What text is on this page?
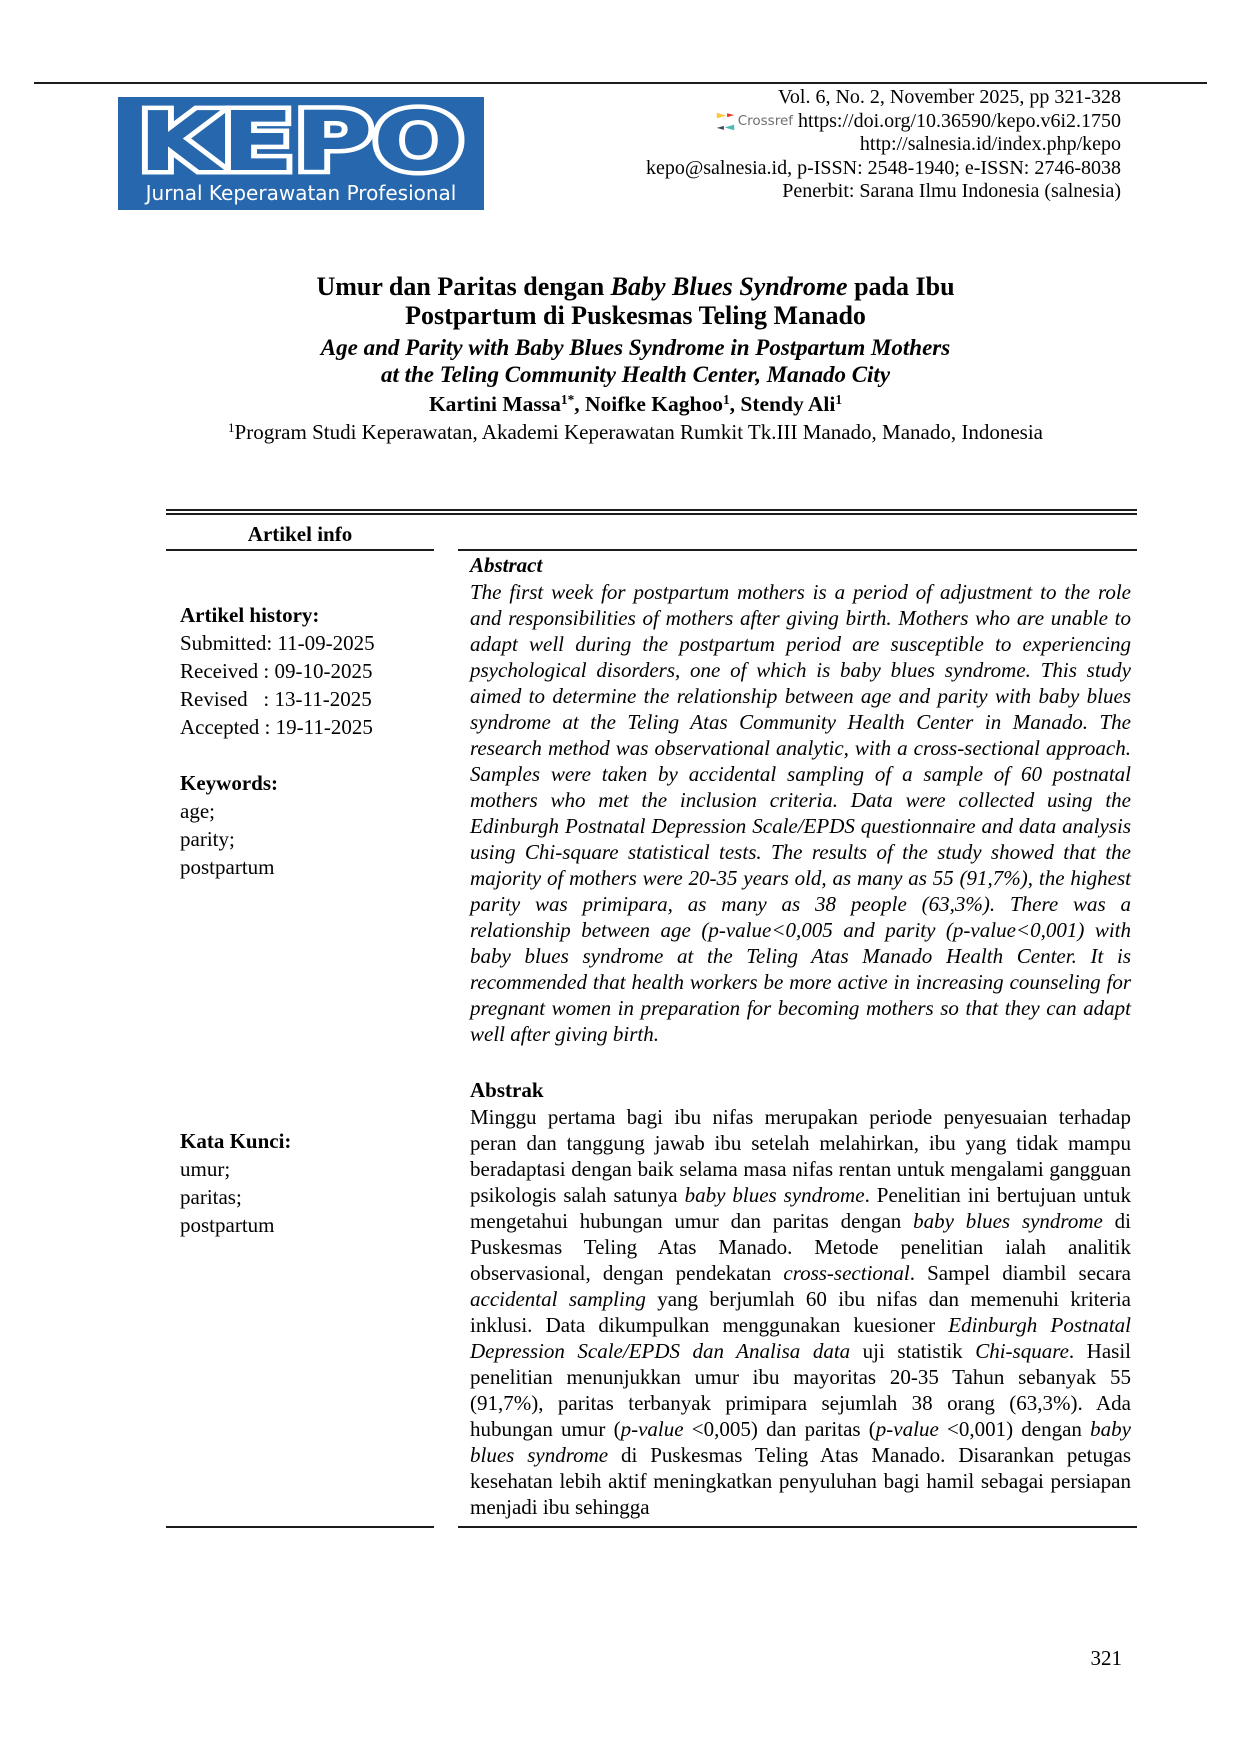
KEPO
Jurnal Keperawatan Profesional
Vol. 6, No. 2, November 2025, pp 321-328
Crossref https://doi.org/10.36590/kepo.v6i2.1750
http://salnesia.id/index.php/kepo
kepo@salnesia.id, p-ISSN: 2548-1940; e-ISSN: 2746-8038
Penerbit: Sarana Ilmu Indonesia (salnesia)
Umur dan Paritas dengan Baby Blues Syndrome pada Ibu
Postpartum di Puskesmas Teling Manado
Age and Parity with Baby Blues Syndrome in Postpartum Mothers
at the Teling Community Health Center, Manado City
Kartini Massa$^{1*}$, Noifke Kaghoo$^1$, Stendy Ali$^1$
$^1$Program Studi Keperawatan, Akademi Keperawatan Rumkit Tk.III Manado, Manado, Indonesia
Artikel info
Artikel history:
Submitted: 11-09-2025
Received : 09-10-2025
Revised   : 13-11-2025
Accepted : 19-11-2025
Keywords:
age;
parity;
postpartum
Kata Kunci:
umur;
paritas;
postpartum
Abstract
The first week for postpartum mothers is a period of adjustment to the role and responsibilities of mothers after giving birth. Mothers who are unable to adapt well during the postpartum period are susceptible to experiencing psychological disorders, one of which is baby blues syndrome. This study aimed to determine the relationship between age and parity with baby blues syndrome at the Teling Atas Community Health Center in Manado. The research method was observational analytic, with a cross-sectional approach. Samples were taken by accidental sampling of a sample of 60 postnatal mothers who met the inclusion criteria. Data were collected using the Edinburgh Postnatal Depression Scale/EPDS questionnaire and data analysis using Chi-square statistical tests. The results of the study showed that the majority of mothers were 20-35 years old, as many as 55 (91,7%), the highest parity was primipara, as many as 38 people (63,3%). There was a relationship between age (p-value<0,005 and parity (p-value<0,001) with baby blues syndrome at the Teling Atas Manado Health Center. It is recommended that health workers be more active in increasing counseling for pregnant women in preparation for becoming mothers so that they can adapt well after giving birth.
Abstrak
Minggu pertama bagi ibu nifas merupakan periode penyesuaian terhadap peran dan tanggung jawab ibu setelah melahirkan, ibu yang tidak mampu beradaptasi dengan baik selama masa nifas rentan untuk mengalami gangguan psikologis salah satunya baby blues syndrome. Penelitian ini bertujuan untuk mengetahui hubungan umur dan paritas dengan baby blues syndrome di Puskesmas Teling Atas Manado. Metode penelitian ialah analitik observasional, dengan pendekatan cross-sectional. Sampel diambil secara accidental sampling yang berjumlah 60 ibu nifas dan memenuhi kriteria inklusi. Data dikumpulkan menggunakan kuesioner Edinburgh Postnatal Depression Scale/EPDS dan Analisa data uji statistik Chi-square. Hasil penelitian menunjukkan umur ibu mayoritas 20-35 Tahun sebanyak 55 (91,7%), paritas terbanyak primipara sejumlah 38 orang (63,3%). Ada hubungan umur (p-value <0,005) dan paritas (p-value <0,001) dengan baby blues syndrome di Puskesmas Teling Atas Manado. Disarankan petugas kesehatan lebih aktif meningkatkan penyuluhan bagi hamil sebagai persiapan menjadi ibu sehingga
321
